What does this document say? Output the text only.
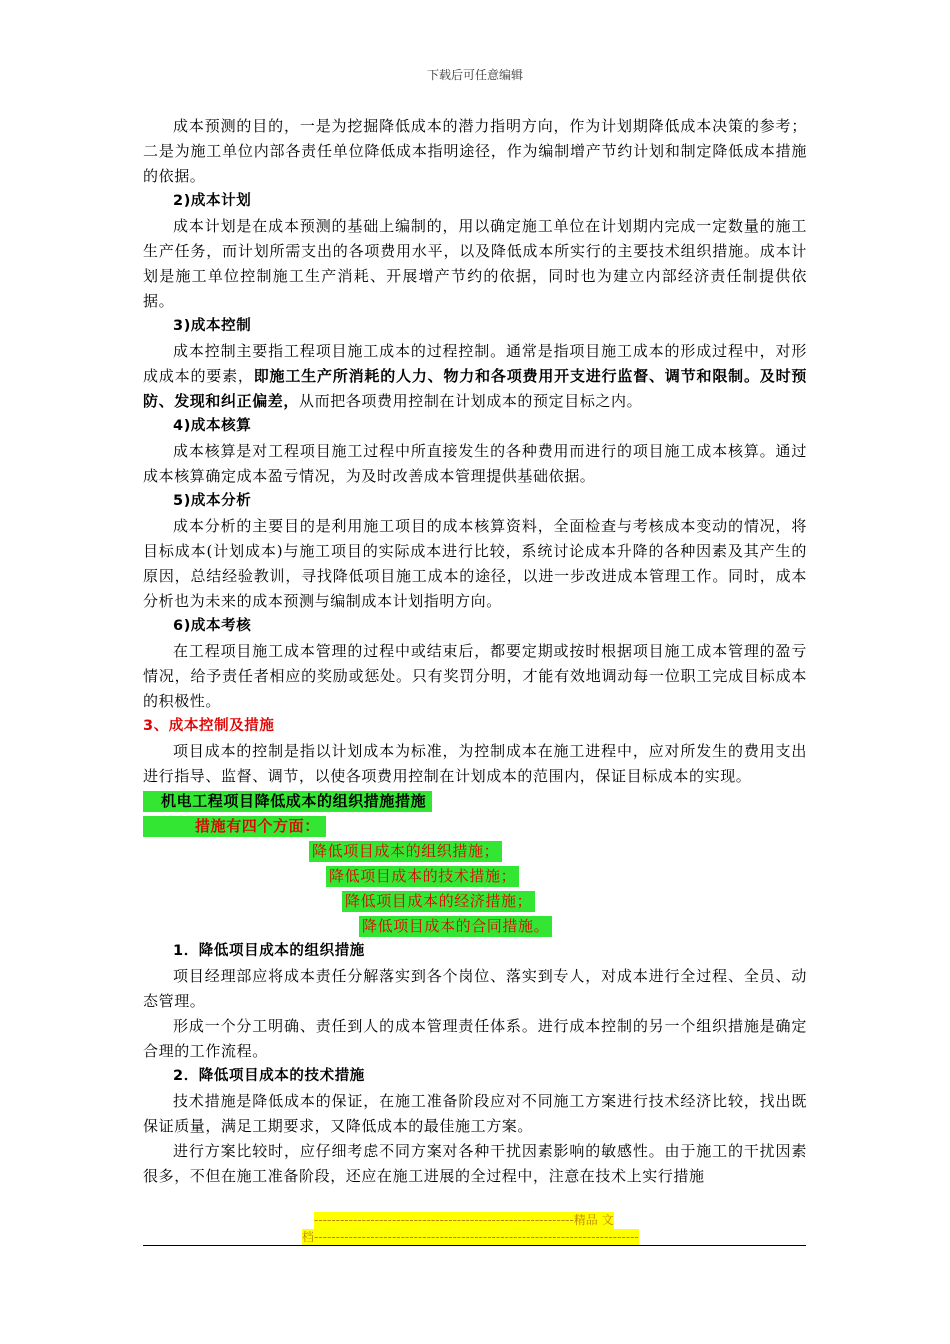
下载后可任意编辑

成本预测的目的，一是为挖掘降低成本的潜力指明方向，作为计划期降低成本决策的参考；二是为施工单位内部各责任单位降低成本指明途径，作为编制增产节约计划和制定降低成本措施的依据。

2)成本计划

成本计划是在成本预测的基础上编制的，用以确定施工单位在计划期内完成一定数量的施工生产任务，而计划所需支出的各项费用水平，以及降低成本所实行的主要技术组织措施。成本计划是施工单位控制施工生产消耗、开展增产节约的依据，同时也为建立内部经济责任制提供依据。

3)成本控制

成本控制主要指工程项目施工成本的过程控制。通常是指项目施工成本的形成过程中，对形成成本的要素，即施工生产所消耗的人力、物力和各项费用开支进行监督、调节和限制。及时预防、发现和纠正偏差，从而把各项费用控制在计划成本的预定目标之内。

4)成本核算

成本核算是对工程项目施工过程中所直接发生的各种费用而进行的项目施工成本核算。通过成本核算确定成本盈亏情况，为及时改善成本管理提供基础依据。

5)成本分析

成本分析的主要目的是利用施工项目的成本核算资料，全面检查与考核成本变动的情况，将目标成本(计划成本)与施工项目的实际成本进行比较，系统讨论成本升降的各种因素及其产生的原因，总结经验教训，寻找降低项目施工成本的途径，以进一步改进成本管理工作。同时，成本分析也为未来的成本预测与编制成本计划指明方向。

6)成本考核

在工程项目施工成本管理的过程中或结束后，都要定期或按时根据项目施工成本管理的盈亏情况，给予责任者相应的奖励或惩处。只有奖罚分明，才能有效地调动每一位职工完成目标成本的积极性。

3、成本控制及措施

项目成本的控制是指以计划成本为标准，为控制成本在施工进程中，应对所发生的费用支出进行指导、监督、调节，以使各项费用控制在计划成本的范围内，保证目标成本的实现。

机电工程项目降低成本的组织措施措施
措施有四个方面：
降低项目成本的组织措施；
降低项目成本的技术措施；
降低项目成本的经济措施；
降低项目成本的合同措施。
1．降低项目成本的组织措施

项目经理部应将成本责任分解落实到各个岗位、落实到专人，对成本进行全过程、全员、动态管理。

形成一个分工明确、责任到人的成本管理责任体系。进行成本控制的另一个组织措施是确定合理的工作流程。

2．降低项目成本的技术措施

技术措施是降低成本的保证，在施工准备阶段应对不同施工方案进行技术经济比较，找出既保证质量，满足工期要求，又降低成本的最佳施工方案。

进行方案比较时，应仔细考虑不同方案对各种干扰因素影响的敏感性。由于施工的干扰因素很多，不但在施工准备阶段，还应在施工进展的全过程中，注意在技术上实行措施

------------------------------------------------------------精品 文
档---------------------------------------------------------------------------
